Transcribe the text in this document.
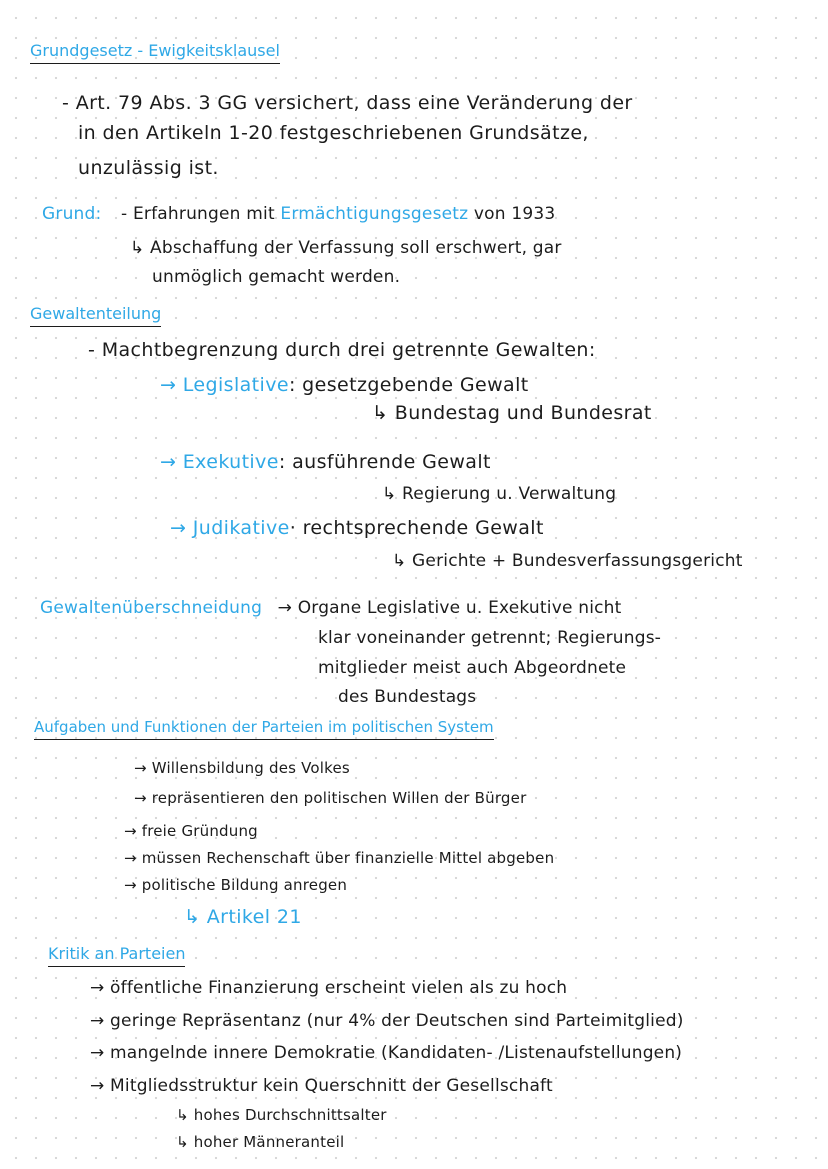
Grundgesetz - Ewigkeitsklausel
- Art. 79 Abs. 3 GG versichert, dass eine Veränderung der
in den Artikeln 1-20 festgeschriebenen Grundsätze,
unzulässig ist.
Grund: - Erfahrungen mit Ermächtigungsgesetz von 1933
↳ Abschaffung der Verfassung soll erschwert, gar
unmöglich gemacht werden.
Gewaltenteilung
- Machtbegrenzung durch drei getrennte Gewalten:
→ Legislative: gesetzgebende Gewalt
↳ Bundestag und Bundesrat
→ Exekutive: ausführende Gewalt
↳ Regierung u. Verwaltung
→ Judikative· rechtsprechende Gewalt
↳ Gerichte + Bundesverfassungsgericht
Gewaltenüberschneidung → Organe Legislative u. Exekutive nicht
klar voneinander getrennt; Regierungs-
mitglieder meist auch Abgeordnete
des Bundestags
Aufgaben und Funktionen der Parteien im politischen System
→ Willensbildung des Volkes
→ repräsentieren den politischen Willen der Bürger
→ freie Gründung
→ müssen Rechenschaft über finanzielle Mittel abgeben
→ politische Bildung anregen
↳ Artikel 21
Kritik an Parteien
→ öffentliche Finanzierung erscheint vielen als zu hoch
→ geringe Repräsentanz (nur 4% der Deutschen sind Parteimitglied)
→ mangelnde innere Demokratie (Kandidaten- /Listenaufstellungen)
→ Mitgliedsstruktur kein Querschnitt der Gesellschaft
↳ hohes Durchschnittsalter
↳ hoher Männeranteil
